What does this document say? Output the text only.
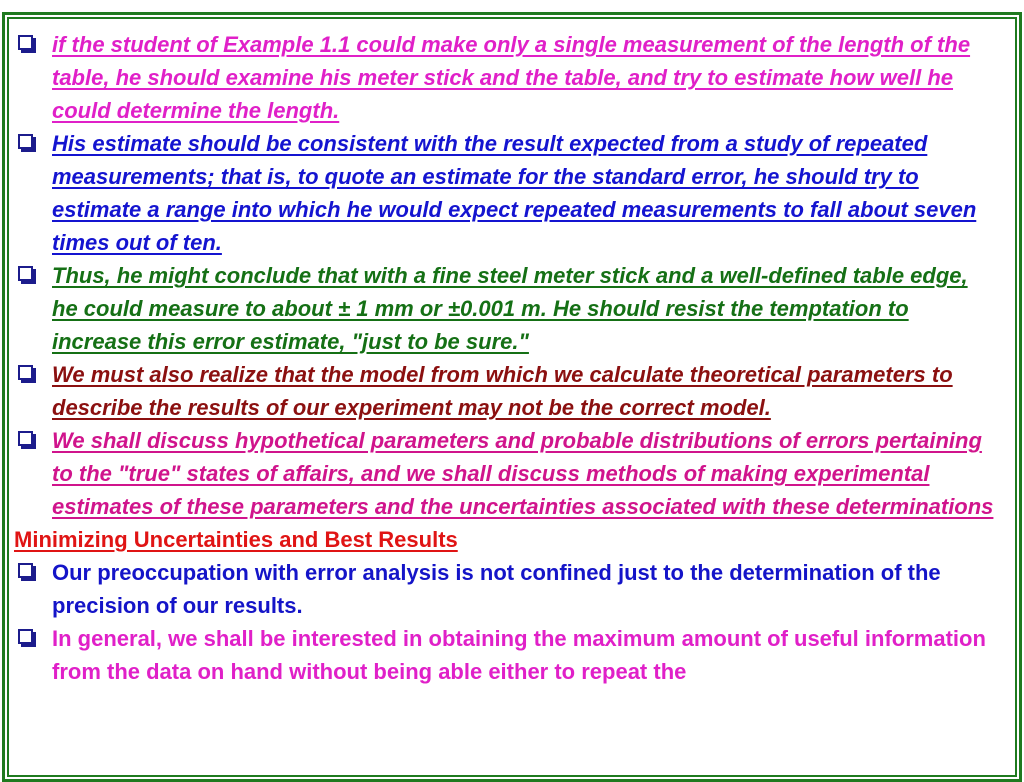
if the student of Example 1.1 could make only a single measurement of the length of the table, he should examine his meter stick and the table, and try to estimate how well he could determine the length.
His estimate should be consistent with the result expected from a study of repeated measurements; that is, to quote an estimate for the standard error, he should try to estimate a range into which he would expect repeated measurements to fall about seven times out of ten.
Thus, he might conclude that with a fine steel meter stick and a well-defined table edge, he could measure to about ± 1 mm or ±0.001 m. He should resist the temptation to increase this error estimate, "just to be sure."
We must also realize that the model from which we calculate theoretical parameters to describe the results of our experiment may not be the correct model.
We shall discuss hypothetical parameters and probable distributions of errors pertaining to the "true" states of affairs, and we shall discuss methods of making experimental estimates of these parameters and the uncertainties associated with these determinations
Minimizing Uncertainties and Best Results
Our preoccupation with error analysis is not confined just to the determination of the precision of our results.
In general, we shall be interested in obtaining the maximum amount of useful information from the data on hand without being able either to repeat the
